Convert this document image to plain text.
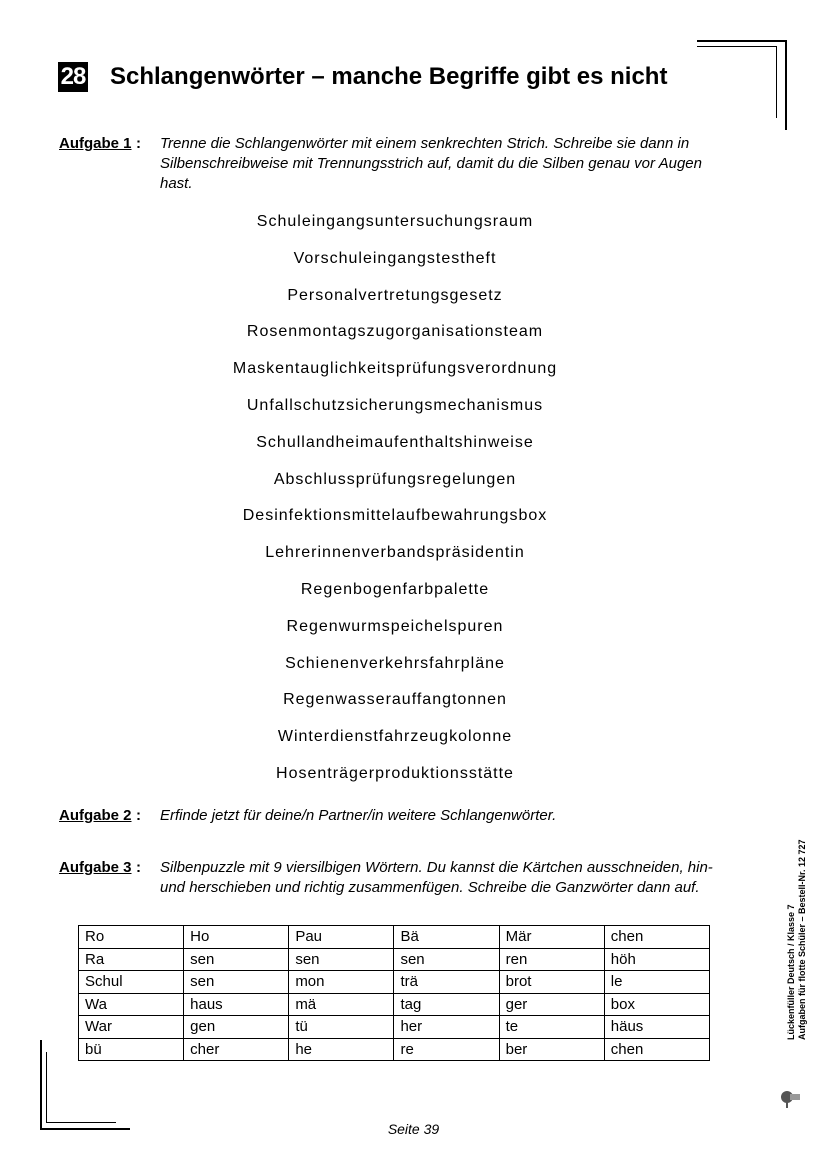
28 Schlangenwörter – manche Begriffe gibt es nicht
Aufgabe 1 : Trenne die Schlangenwörter mit einem senkrechten Strich. Schreibe sie dann in Silbenschreibweise mit Trennungsstrich auf, damit du die Silben genau vor Augen hast.
Schuleingangsuntersuchungsraum
Vorschuleingangstestheft
Personalvertretungsgesetz
Rosenmontagszugorganisationsteam
Maskentauglichkeitsprüfungsverordnung
Unfallschutzsicherungsmechanismus
Schullandheimaufenthaltshinweise
Abschlussprüfungsregelungen
Desinfektionsmittelaufbewahrungsbox
Lehrerinnenverbandspräsidentin
Regenbogenfarbpalette
Regenwurmspeichelspuren
Schienenverkehrsfahrpläne
Regenwasserauffangtonnen
Winterdienstfahrzeugkolonne
Hosenträgerproduktionsstätte
Aufgabe 2 : Erfinde jetzt für deine/n Partner/in weitere Schlangenwörter.
Aufgabe 3 : Silbenpuzzle mit 9 viersilbigen Wörtern. Du kannst die Kärtchen ausschneiden, hin- und herschieben und richtig zusammenfügen. Schreibe die Ganzwörter dann auf.
Ro	Ho	Pau	Bä	Mär	chen
Ra	sen	sen	sen	ren	höh
Schul	sen	mon	trä	brot	le
Wa	haus	mä	tag	ger	box
War	gen	tü	her	te	häus
bü	cher	he	re	ber	chen
Lückenfüller Deutsch / Klasse 7 Aufgaben für flotte Schüler – Bestell-Nr. 12 727
Seite 39
